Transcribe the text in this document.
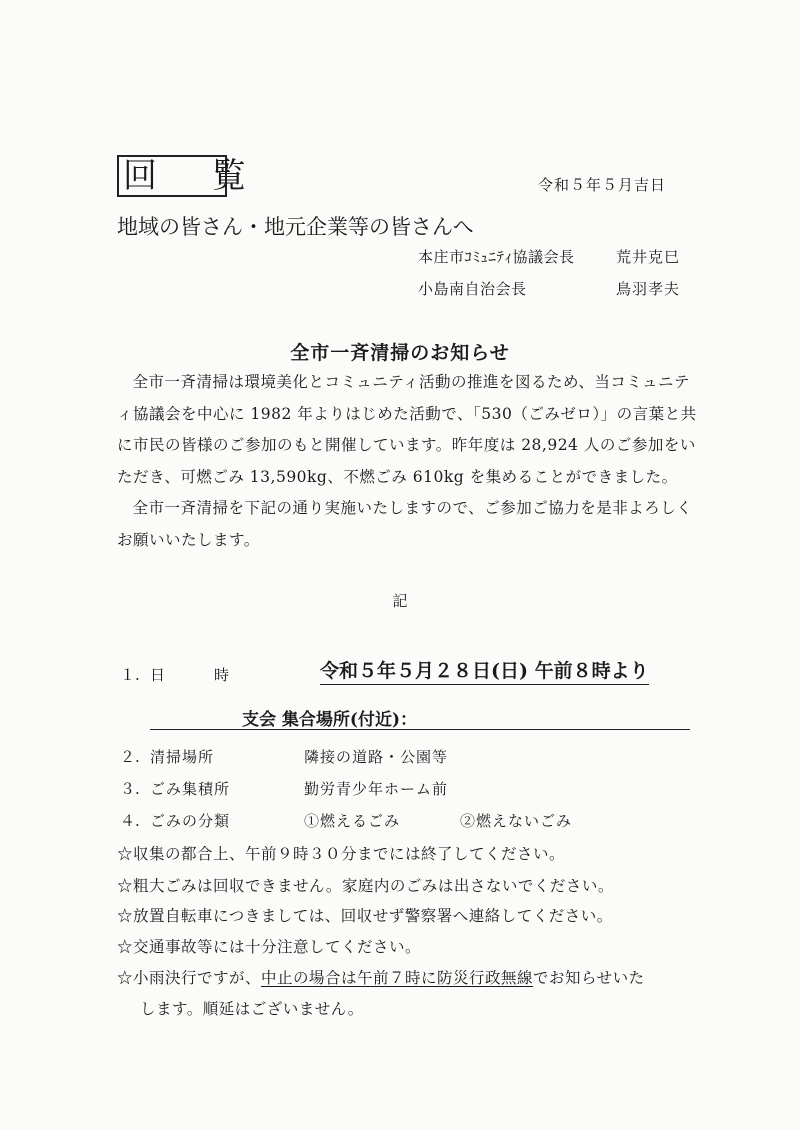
回 覧	令和５年５月吉日
地域の皆さん・地元企業等の皆さんへ
本庄市ｺﾐｭﾆﾃｨ協議会長	荒井克巳
小島南自治会長	鳥羽孝夫
全市一斉清掃のお知らせ

全市一斉清掃は環境美化とコミュニティ活動の推進を図るため、当コミュニティ協議会を中心に 1982 年よりはじめた活動で、「530（ごみゼロ）」の言葉と共に市民の皆様のご参加のもと開催しています。昨年度は 28,924 人のご参加をいただき、可燃ごみ 13,590kg、不燃ごみ 610kg を集めることができました。

全市一斉清掃を下記の通り実施いたしますので、ご参加ご協力を是非よろしくお願いいたします。

記
１. 日　　　時	令和５年５月２８日(日) 午前８時より
支会 集合場所(付近)：
２. 清掃場所	隣接の道路・公園等
３. ごみ集積所	勤労青少年ホーム前
４. ごみの分類	①燃えるごみ	②燃えないごみ
☆収集の都合上、午前９時３０分までには終了してください。
☆粗大ごみは回収できません。家庭内のごみは出さないでください。
☆放置自転車につきましては、回収せず警察署へ連絡してください。
☆交通事故等には十分注意してください。
☆小雨決行ですが、中止の場合は午前７時に防災行政無線でお知らせいた
します。順延はございません。
